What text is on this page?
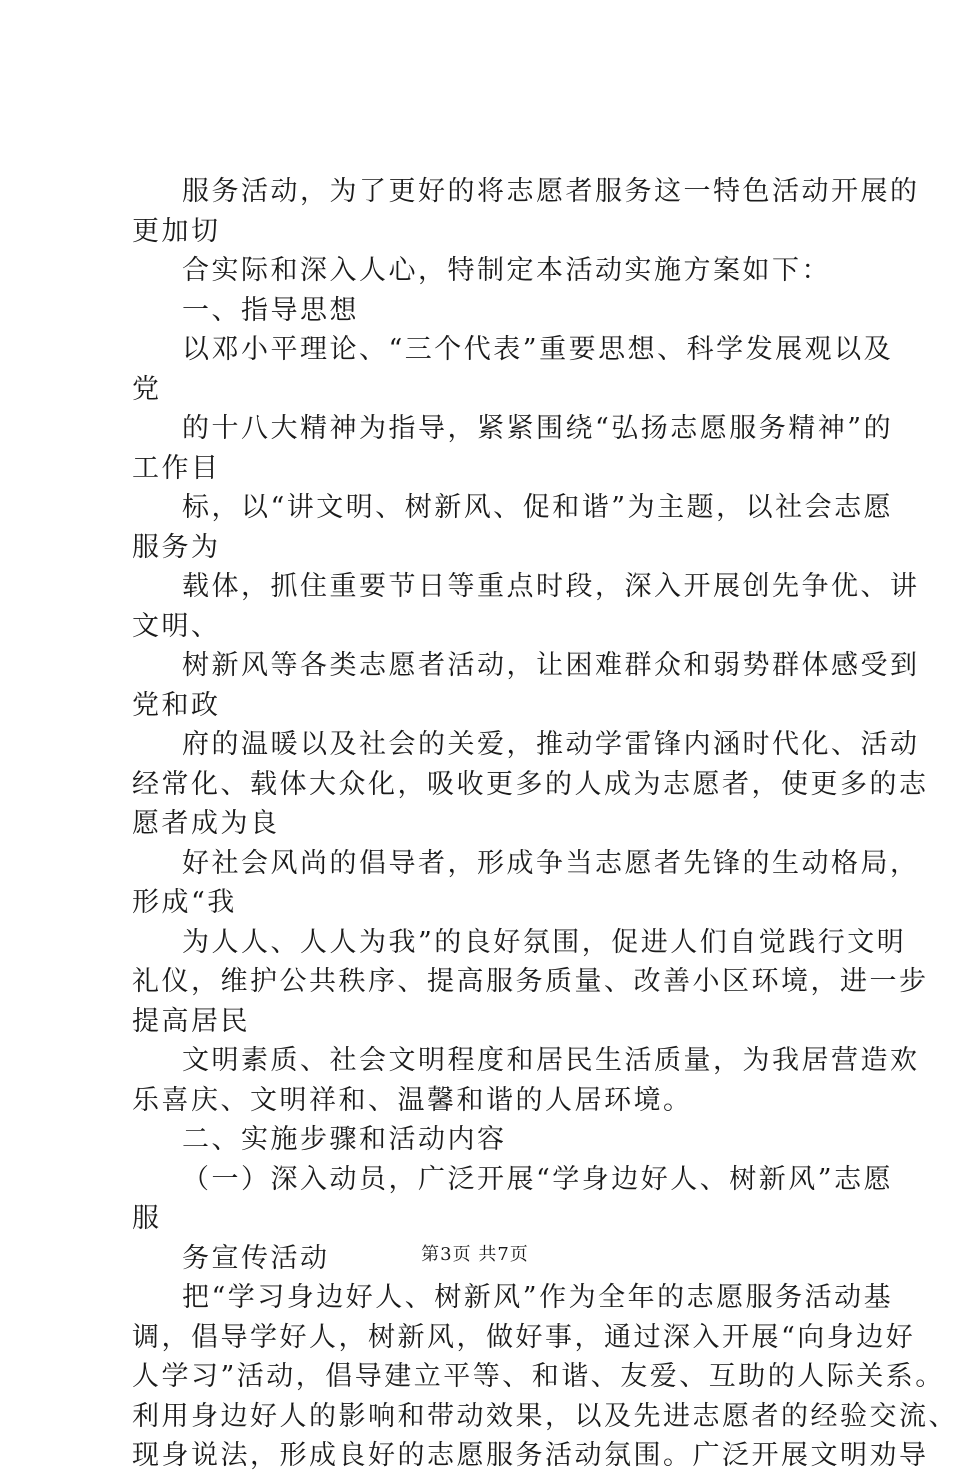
服务活动，为了更好的将志愿者服务这一特色活动开展的
更加切
合实际和深入人心，特制定本活动实施方案如下：
一、指导思想
以邓小平理论、“三个代表”重要思想、科学发展观以及
党
的十八大精神为指导，紧紧围绕“弘扬志愿服务精神”的
工作目
标，以“讲文明、树新风、促和谐”为主题，以社会志愿
服务为
载体，抓住重要节日等重点时段，深入开展创先争优、讲
文明、
树新风等各类志愿者活动，让困难群众和弱势群体感受到
党和政
府的温暖以及社会的关爱，推动学雷锋内涵时代化、活动
经常化、载体大众化，吸收更多的人成为志愿者，使更多的志
愿者成为良
好社会风尚的倡导者，形成争当志愿者先锋的生动格局，
形成“我
为人人、人人为我”的良好氛围，促进人们自觉践行文明
礼仪，维护公共秩序、提高服务质量、改善小区环境，进一步
提高居民
文明素质、社会文明程度和居民生活质量，为我居营造欢
乐喜庆、文明祥和、温馨和谐的人居环境。
二、实施步骤和活动内容
（一）深入动员，广泛开展“学身边好人、树新风”志愿
服
务宣传活动
把“学习身边好人、树新风”作为全年的志愿服务活动基
调，倡导学好人，树新风，做好事，通过深入开展“向身边好
人学习”活动，倡导建立平等、和谐、友爱、互助的人际关系。
利用身边好人的影响和带动效果，以及先进志愿者的经验交流、
现身说法，形成良好的志愿服务活动氛围。广泛开展文明劝导
第3页 共7页
